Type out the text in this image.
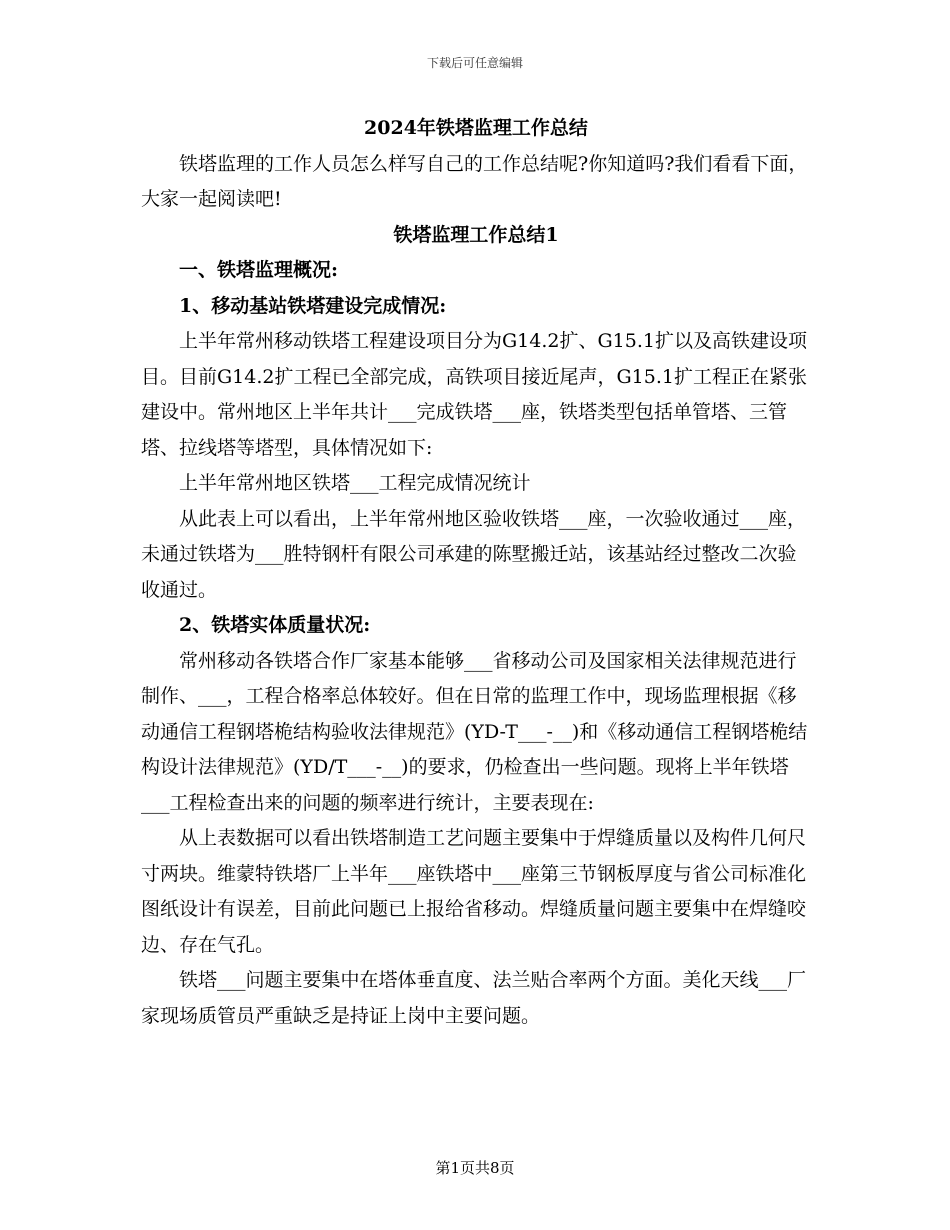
下载后可任意编辑

2024年铁塔监理工作总结

铁塔监理的工作人员怎么样写自己的工作总结呢?你知道吗?我们看看下面，大家一起阅读吧!

铁塔监理工作总结1

一、铁塔监理概况:

1、移动基站铁塔建设完成情况:

上半年常州移动铁塔工程建设项目分为G14.2扩、G15.1扩以及高铁建设项目。目前G14.2扩工程已全部完成，高铁项目接近尾声，G15.1扩工程正在紧张建设中。常州地区上半年共计___完成铁塔___座，铁塔类型包括单管塔、三管塔、拉线塔等塔型，具体情况如下:

上半年常州地区铁塔___工程完成情况统计

从此表上可以看出，上半年常州地区验收铁塔___座，一次验收通过___座，未通过铁塔为___胜特钢杆有限公司承建的陈墅搬迁站，该基站经过整改二次验收通过。

2、铁塔实体质量状况:

常州移动各铁塔合作厂家基本能够___省移动公司及国家相关法律规范进行制作、___，工程合格率总体较好。但在日常的监理工作中，现场监理根据《移动通信工程钢塔桅结构验收法律规范》(YD-T___-__)和《移动通信工程钢塔桅结构设计法律规范》(YD/T___-__)的要求，仍检查出一些问题。现将上半年铁塔___工程检查出来的问题的频率进行统计，主要表现在:

从上表数据可以看出铁塔制造工艺问题主要集中于焊缝质量以及构件几何尺寸两块。维蒙特铁塔厂上半年___座铁塔中___座第三节钢板厚度与省公司标准化图纸设计有误差，目前此问题已上报给省移动。焊缝质量问题主要集中在焊缝咬边、存在气孔。

铁塔___问题主要集中在塔体垂直度、法兰贴合率两个方面。美化天线___厂家现场质管员严重缺乏是持证上岗中主要问题。

第1页共8页
